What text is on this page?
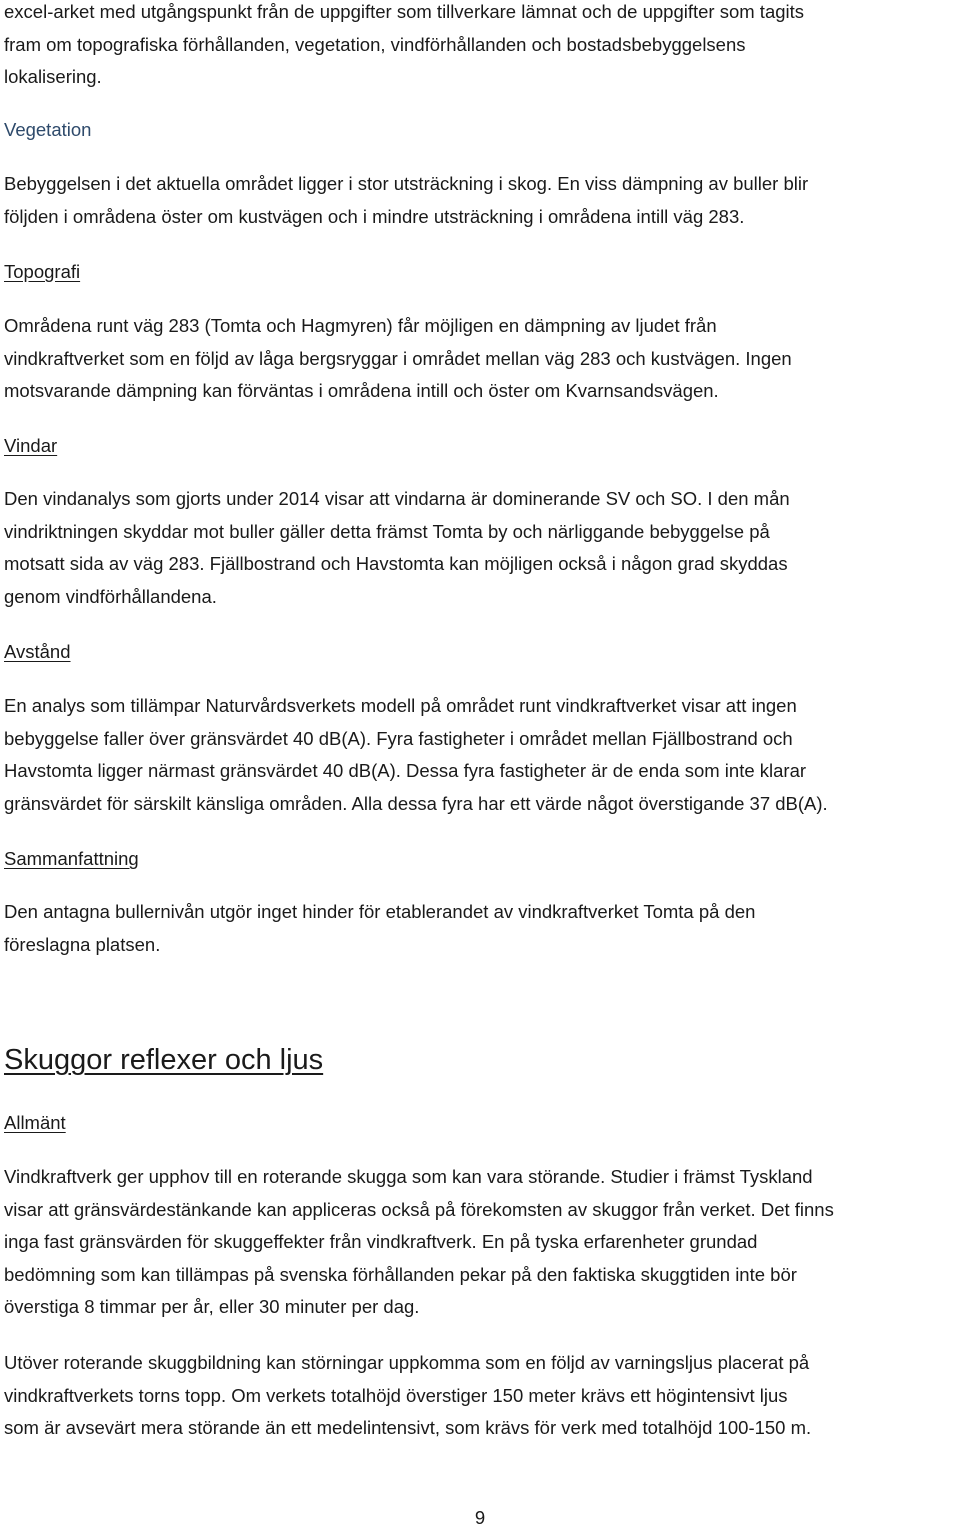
excel-arket med utgångspunkt från de uppgifter som tillverkare lämnat och de uppgifter som tagits
fram om topografiska förhållanden, vegetation, vindförhållanden och bostadsbebyggelsens
lokalisering.

Vegetation

Bebyggelsen i det aktuella området ligger i stor utsträckning i skog. En viss dämpning av buller blir
följden i områdena öster om kustvägen och i mindre utsträckning i områdena intill väg 283.

Topografi

Områdena runt väg 283 (Tomta och Hagmyren) får möjligen en dämpning av ljudet från
vindkraftverket som en följd av låga bergsryggar i området mellan väg 283 och kustvägen. Ingen
motsvarande dämpning kan förväntas i områdena intill och öster om Kvarnsandsvägen.

Vindar

Den vindanalys som gjorts under 2014 visar att vindarna är dominerande SV och SO. I den mån
vindriktningen skyddar mot buller gäller detta främst Tomta by och närliggande bebyggelse på
motsatt sida av väg 283. Fjällbostrand och Havstomta kan möjligen också i någon grad skyddas
genom vindförhållandena.

Avstånd

En analys som tillämpar Naturvårdsverkets modell på området runt vindkraftverket visar att ingen
bebyggelse faller över gränsvärdet 40 dB(A). Fyra fastigheter i området mellan Fjällbostrand och
Havstomta ligger närmast gränsvärdet 40 dB(A). Dessa fyra fastigheter är de enda som inte klarar
gränsvärdet för särskilt känsliga områden. Alla dessa fyra har ett värde något överstigande 37 dB(A).

Sammanfattning

Den antagna bullernivån utgör inget hinder för etablerandet av vindkraftverket Tomta på den
föreslagna platsen.

Skuggor reflexer och ljus

Allmänt

Vindkraftverk ger upphov till en roterande skugga som kan vara störande. Studier i främst Tyskland
visar att gränsvärdestänkande kan appliceras också på förekomsten av skuggor från verket. Det finns
inga fast gränsvärden för skuggeffekter från vindkraftverk. En på tyska erfarenheter grundad
bedömning som kan tillämpas på svenska förhållanden pekar på den faktiska skuggtiden inte bör
överstiga 8 timmar per år, eller 30 minuter per dag.

Utöver roterande skuggbildning kan störningar uppkomma som en följd av varningsljus placerat på
vindkraftverkets torns topp. Om verkets totalhöjd överstiger 150 meter krävs ett högintensivt ljus
som är avsevärt mera störande än ett medelintensivt, som krävs för verk med totalhöjd 100-150 m.

9
